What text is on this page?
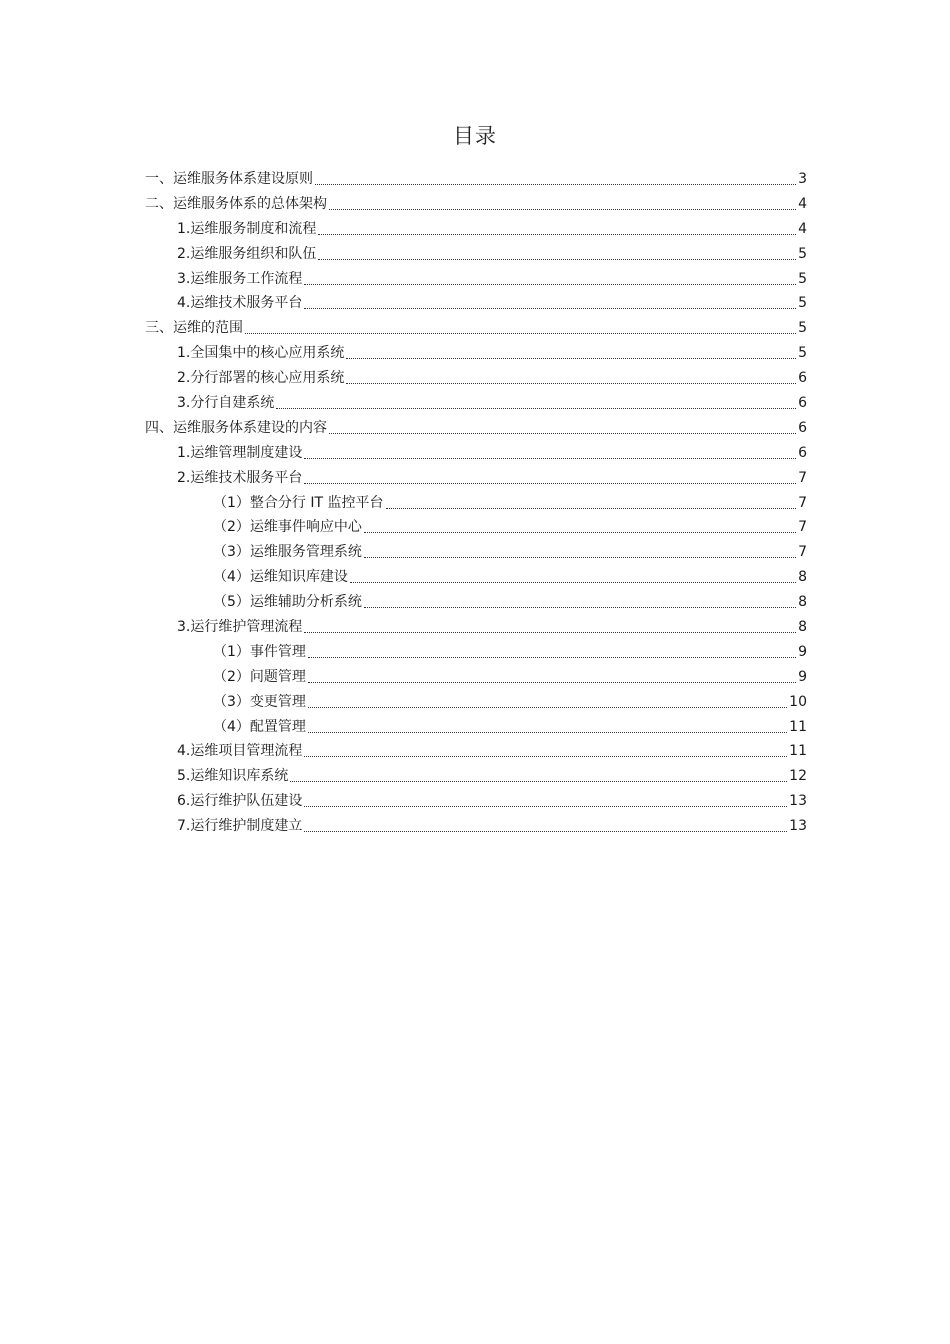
目录
一、运维服务体系建设原则	3
二、运维服务体系的总体架构	4
1.运维服务制度和流程	4
2.运维服务组织和队伍	5
3.运维服务工作流程	5
4.运维技术服务平台	5
三、运维的范围	5
1.全国集中的核心应用系统	5
2.分行部署的核心应用系统	6
3.分行自建系统	6
四、运维服务体系建设的内容	6
1.运维管理制度建设	6
2.运维技术服务平台	7
（1）整合分行 IT 监控平台	7
（2）运维事件响应中心	7
（3）运维服务管理系统	7
（4）运维知识库建设	8
（5）运维辅助分析系统	8
3.运行维护管理流程	8
（1）事件管理	9
（2）问题管理	9
（3）变更管理	10
（4）配置管理	11
4.运维项目管理流程	11
5.运维知识库系统	12
6.运行维护队伍建设	13
7.运行维护制度建立	13
